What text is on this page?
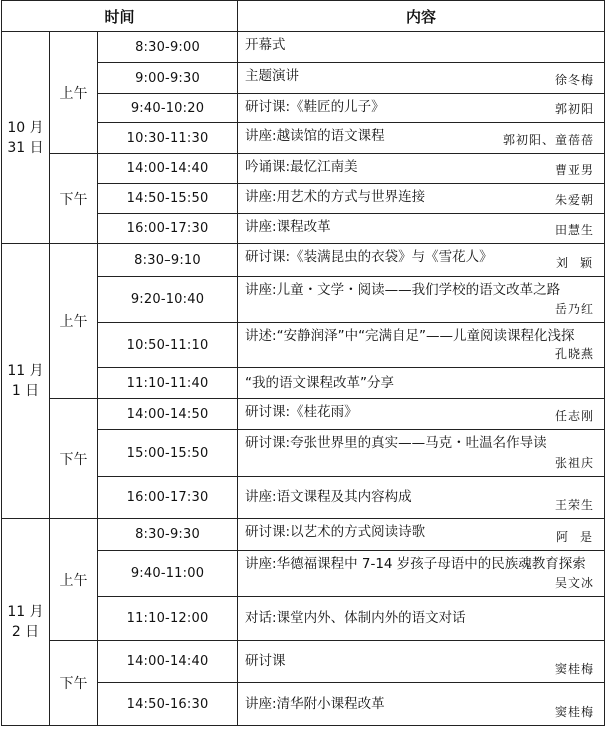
时间			内容
10 月
31 日	上午	8:30-9:00	开幕式
		9:00-9:30	主题演讲 徐冬梅

		9:40-10:20	研讨课:《鞋匠的儿子》 郭初阳

		10:30-11:30	讲座:越读馆的语文课程 郭初阳、童蓓蓓

	下午	14:00-14:40	吟诵课:最忆江南美 曹亚男

		14:50-15:50	讲座:用艺术的方式与世界连接 朱爱朝

		16:00-17:30	讲座:课程改革 田慧生

11 月
1 日	上午	8:30–9:10	研讨课:《装满昆虫的衣袋》与《雪花人》 刘颖

		9:20-10:40	讲座:儿童・文学・阅读——我们学校的语文改革之路
岳乃红

		10:50-11:10	讲述:“安静润泽”中“完满自足”——儿童阅读课程化浅探
孔晓燕

		11:10-11:40	“我的语文课程改革”分享
	下午	14:00-14:50	研讨课:《桂花雨》 任志刚

		15:00-15:50	研讨课:夸张世界里的真实——马克・吐温名作导读
张祖庆

		16:00-17:30	讲座:语文课程及其内容构成 王荣生

11 月
2 日	上午	8:30-9:30	研讨课:以艺术的方式阅读诗歌 阿是

		9:40-11:00	讲座:华德福课程中 7-14 岁孩子母语中的民族魂教育探索
吴文冰

		11:10-12:00	对话:课堂内外、体制内外的语文对话
	下午	14:00-14:40	研讨课 窦桂梅

		14:50-16:30	讲座:清华附小课程改革
窦桂梅
